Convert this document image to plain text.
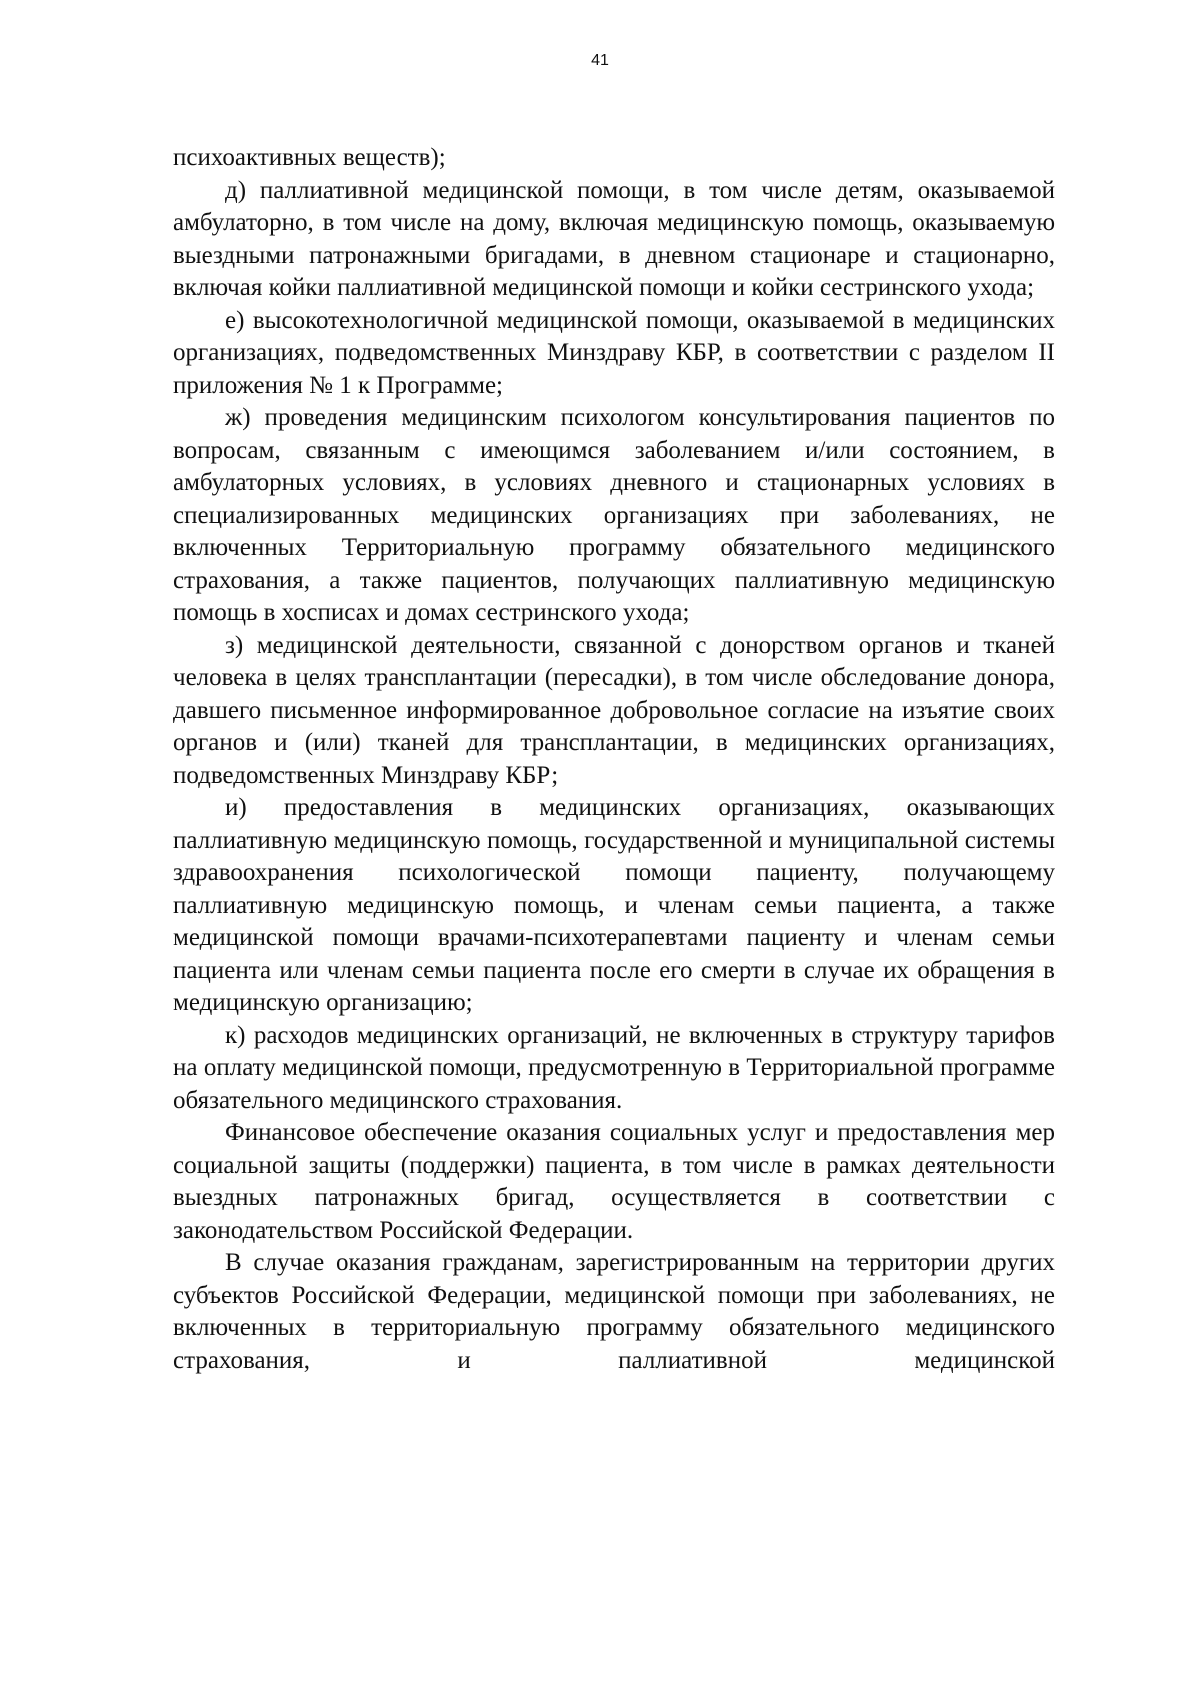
41

психоактивных веществ);

д) паллиативной медицинской помощи, в том числе детям, оказываемой амбулаторно, в том числе на дому, включая медицинскую помощь, оказываемую выездными патронажными бригадами, в дневном стационаре и стационарно, включая койки паллиативной медицинской помощи и койки сестринского ухода;

е) высокотехнологичной медицинской помощи, оказываемой в медицинских организациях, подведомственных Минздраву КБР, в соответствии с разделом II приложения № 1 к Программе;

ж) проведения медицинским психологом консультирования пациентов по вопросам, связанным с имеющимся заболеванием и/или состоянием, в амбулаторных условиях, в условиях дневного и стационарных условиях в специализированных медицинских организациях при заболеваниях, не включенных Территориальную программу обязательного медицинского страхования, а также пациентов, получающих паллиативную медицинскую помощь в хосписах и домах сестринского ухода;

з) медицинской деятельности, связанной с донорством органов и тканей человека в целях трансплантации (пересадки), в том числе обследование донора, давшего письменное информированное добровольное согласие на изъятие своих органов и (или) тканей для трансплантации, в медицинских организациях, подведомственных Минздраву КБР;

и) предоставления в медицинских организациях, оказывающих паллиативную медицинскую помощь, государственной и муниципальной системы здравоохранения психологической помощи пациенту, получающему паллиативную медицинскую помощь, и членам семьи пациента, а также медицинской помощи врачами-психотерапевтами пациенту и членам семьи пациента или членам семьи пациента после его смерти в случае их обращения в медицинскую организацию;

к) расходов медицинских организаций, не включенных в структуру тарифов на оплату медицинской помощи, предусмотренную в Территориальной программе обязательного медицинского страхования.

Финансовое обеспечение оказания социальных услуг и предоставления мер социальной защиты (поддержки) пациента, в том числе в рамках деятельности выездных патронажных бригад, осуществляется в соответствии с законодательством Российской Федерации.

В случае оказания гражданам, зарегистрированным на территории других субъектов Российской Федерации, медицинской помощи при заболеваниях, не включенных в территориальную программу обязательного медицинского страхования, и паллиативной медицинской
